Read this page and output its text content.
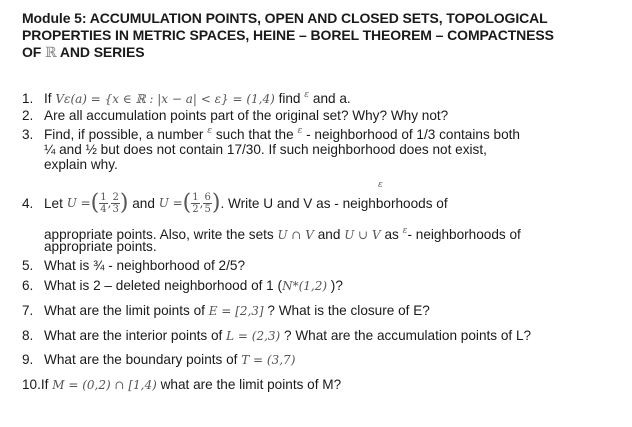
Module 5: ACCUMULATION POINTS, OPEN AND CLOSED SETS, TOPOLOGICAL
PROPERTIES IN METRIC SPACES, HEINE – BOREL THEOREM – COMPACTNESS
OF ℝ AND SERIES
1. If Vε(a) = {x ∈ ℝ : |x − a| < ε} = (1,4) find $^\varepsilon$ and a.
2. Are all accumulation points part of the original set? Why? Why not?
3. Find, if possible, a number $^\varepsilon$ such that the $^\varepsilon$ - neighborhood of 1/3 contains both
¼ and ½ but does not contain 17/30. If such neighborhood does not exist,
explain why.
$^\varepsilon$
4. Let U =( $\frac{1}{4}$ , $\frac{2}{3}$ ) and U =( $\frac{1}{2}$ , $\frac{6}{5}$ ). Write U and V as - neighborhoods of
appropriate points. Also, write the sets U ∩ V and U ∪ V as $^\varepsilon$- neighborhoods of
appropriate points.
5. What is ¾ - neighborhood of 2/5?
6. What is 2 – deleted neighborhood of 1 (N*(1,2) )?
7. What are the limit points of E = [2,3] ? What is the closure of E?
8. What are the interior points of L = (2,3) ? What are the accumulation points of L?
9. What are the boundary points of T = (3,7)
10.If M = (0,2) ∩ [1,4) what are the limit points of M?
